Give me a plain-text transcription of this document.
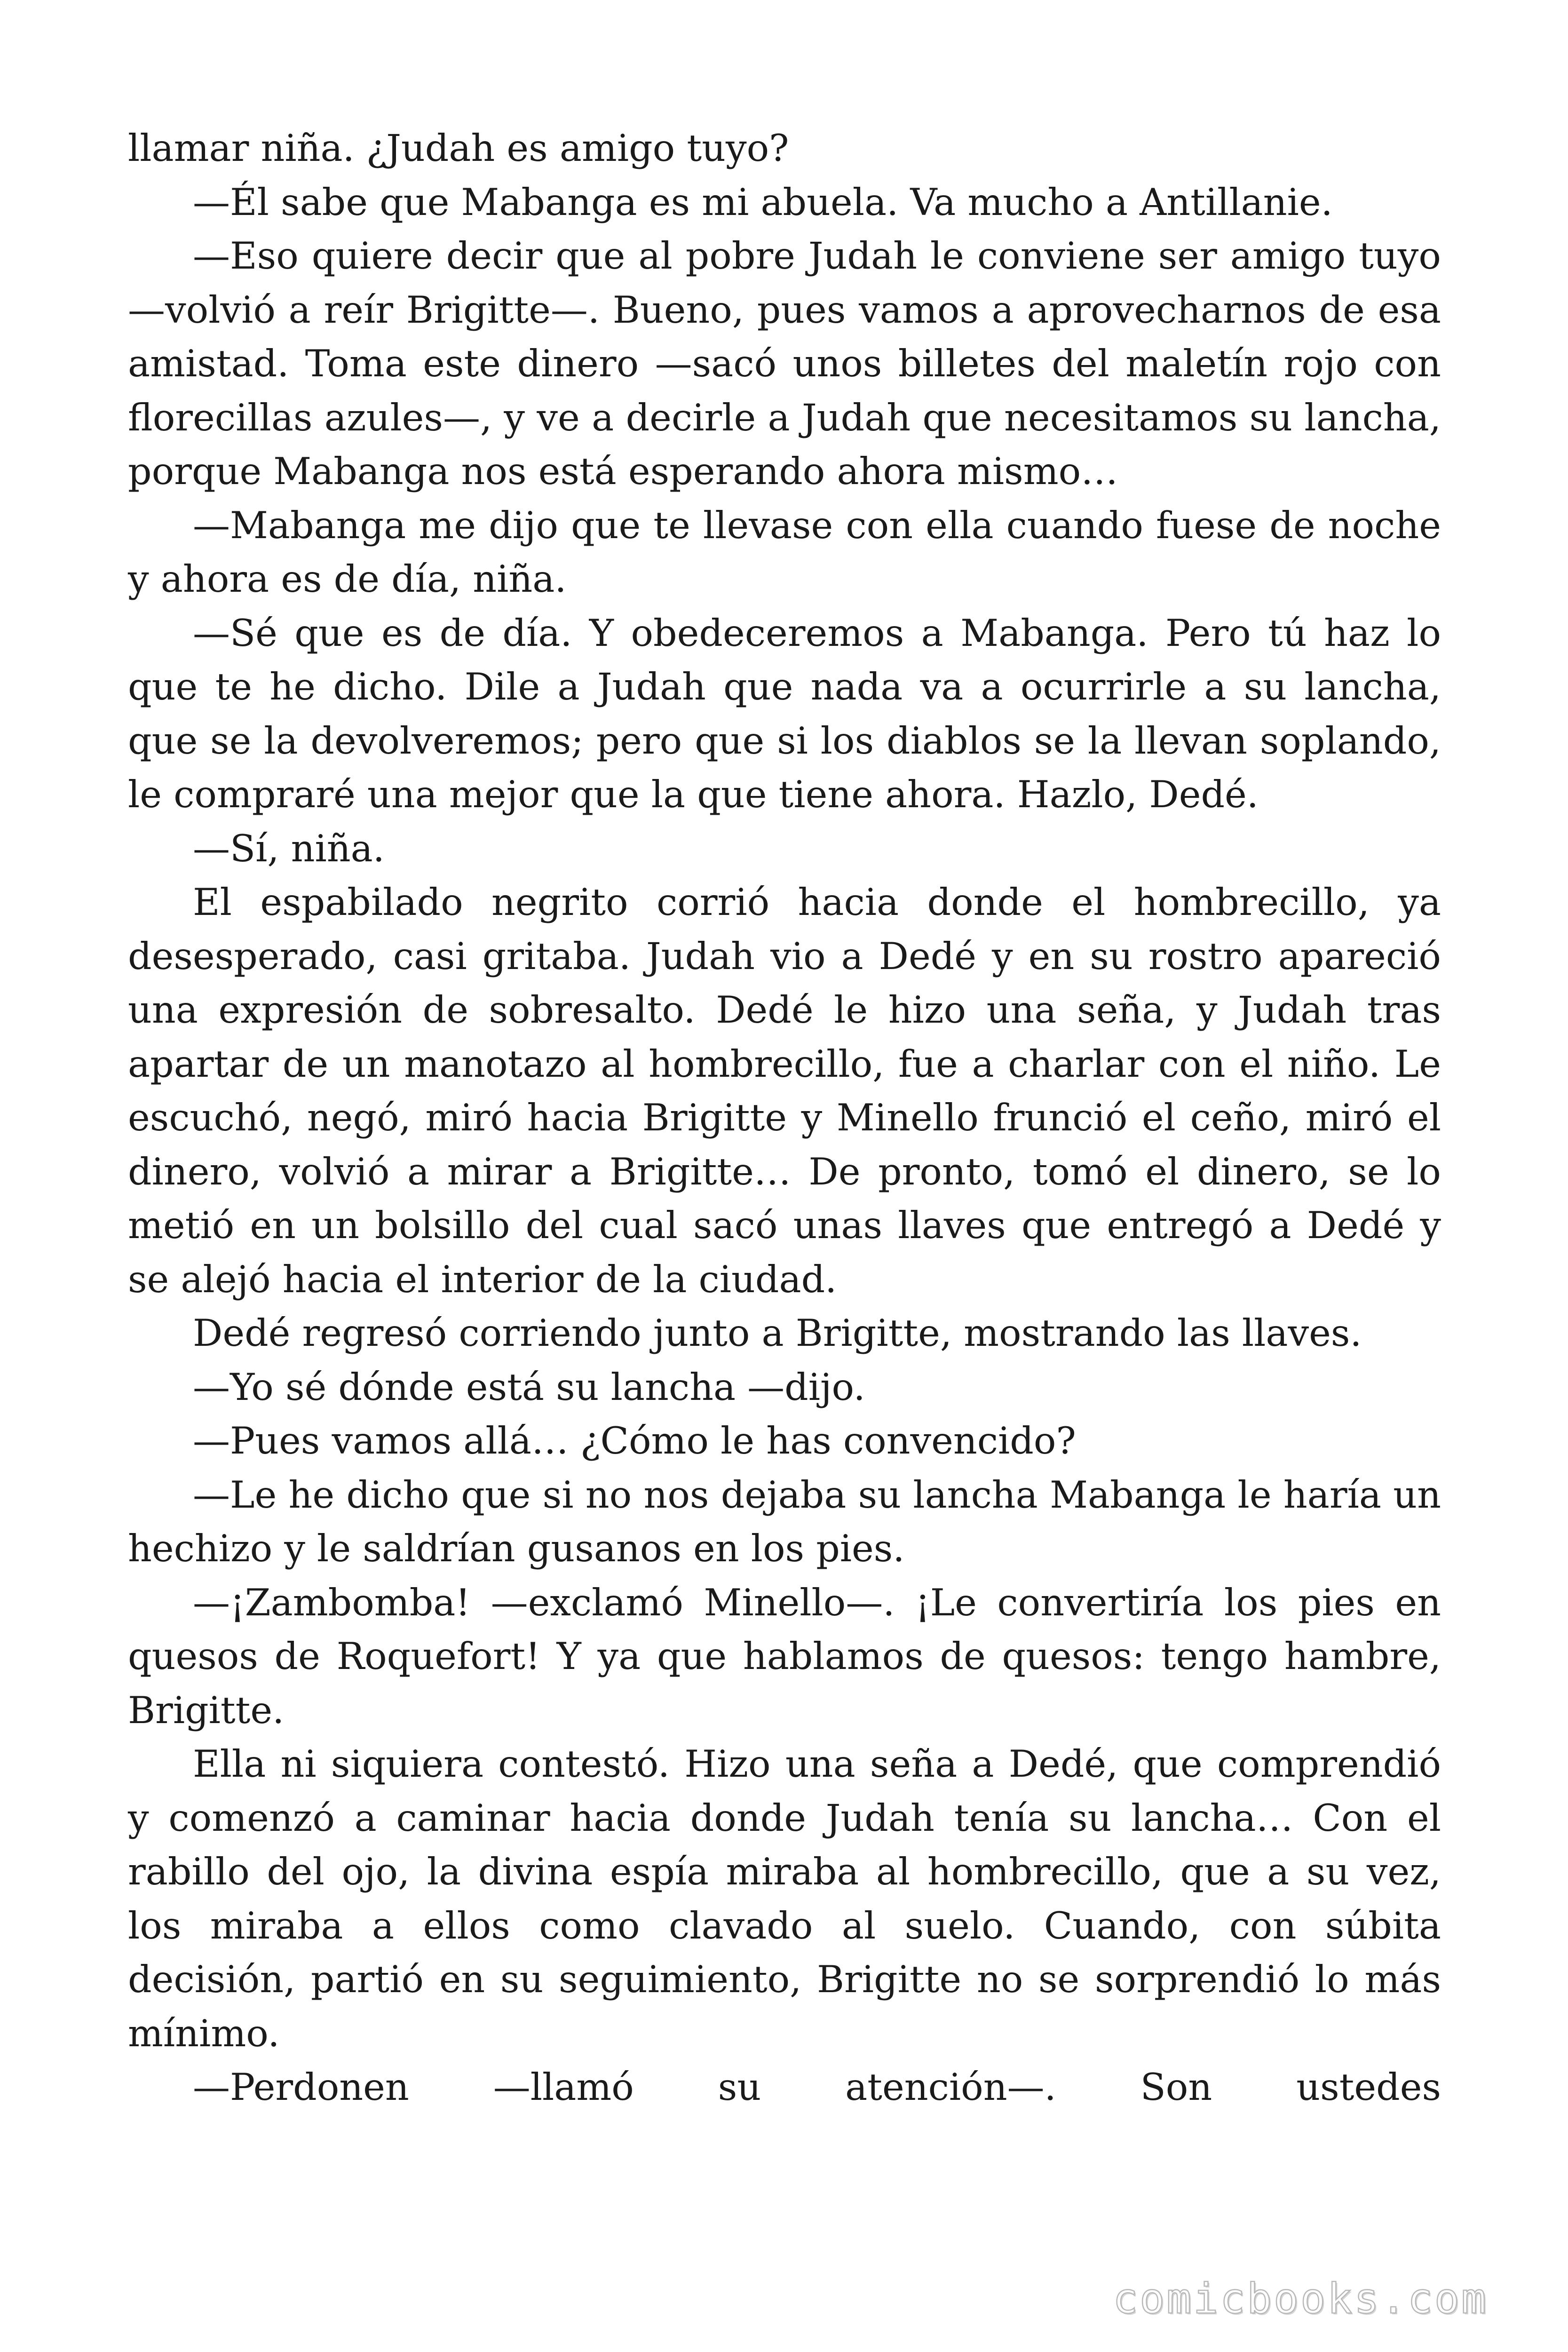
llamar niña. ¿Judah es amigo tuyo?

—Él sabe que Mabanga es mi abuela. Va mucho a Antillanie.

—Eso quiere decir que al pobre Judah le conviene ser amigo tuyo —volvió a reír Brigitte—. Bueno, pues vamos a aprovecharnos de esa amistad. Toma este dinero —sacó unos billetes del maletín rojo con florecillas azules—, y ve a decirle a Judah que necesitamos su lancha, porque Mabanga nos está esperando ahora mismo…

—Mabanga me dijo que te llevase con ella cuando fuese de noche y ahora es de día, niña.

—Sé que es de día. Y obedeceremos a Mabanga. Pero tú haz lo que te he dicho. Dile a Judah que nada va a ocurrirle a su lancha, que se la devolveremos; pero que si los diablos se la llevan soplando, le compraré una mejor que la que tiene ahora. Hazlo, Dedé.

—Sí, niña.

El espabilado negrito corrió hacia donde el hombrecillo, ya desesperado, casi gritaba. Judah vio a Dedé y en su rostro apareció una expresión de sobresalto. Dedé le hizo una seña, y Judah tras apartar de un manotazo al hombrecillo, fue a charlar con el niño. Le escuchó, negó, miró hacia Brigitte y Minello frunció el ceño, miró el dinero, volvió a mirar a Brigitte… De pronto, tomó el dinero, se lo metió en un bolsillo del cual sacó unas llaves que entregó a Dedé y se alejó hacia el interior de la ciudad.

Dedé regresó corriendo junto a Brigitte, mostrando las llaves.

—Yo sé dónde está su lancha —dijo.

—Pues vamos allá… ¿Cómo le has convencido?

—Le he dicho que si no nos dejaba su lancha Mabanga le haría un hechizo y le saldrían gusanos en los pies.

—¡Zambomba! —exclamó Minello—. ¡Le convertiría los pies en quesos de Roquefort! Y ya que hablamos de quesos: tengo hambre, Brigitte.

Ella ni siquiera contestó. Hizo una seña a Dedé, que comprendió y comenzó a caminar hacia donde Judah tenía su lancha… Con el rabillo del ojo, la divina espía miraba al hombrecillo, que a su vez, los miraba a ellos como clavado al suelo. Cuando, con súbita decisión, partió en su seguimiento, Brigitte no se sorprendió lo más mínimo.

—Perdonen —llamó su atención—. Son ustedes

comicbooks.com
